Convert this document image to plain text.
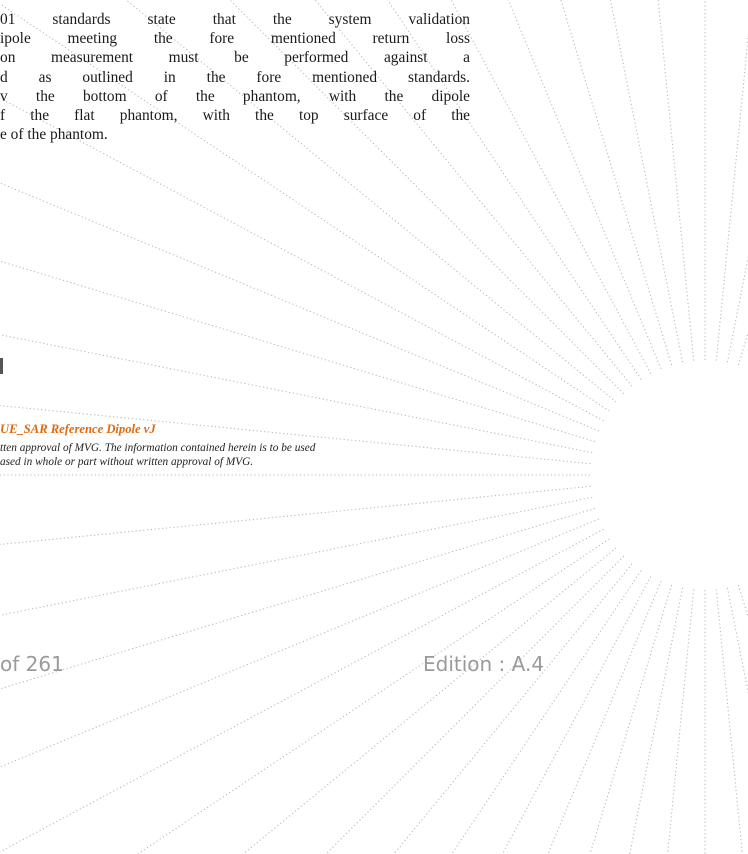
01 standards state that the system validation
ipole meeting the fore mentioned return loss
on measurement must be performed against a
d as outlined in the fore mentioned standards.
v the bottom of the phantom, with the dipole
f the flat phantom, with the top surface of the
e of the phantom.
UE_SAR Reference Dipole vJ
tten approval of MVG. The information contained herein is to be used
ased in whole or part without written approval of MVG.
of 261	Edition : A.4
